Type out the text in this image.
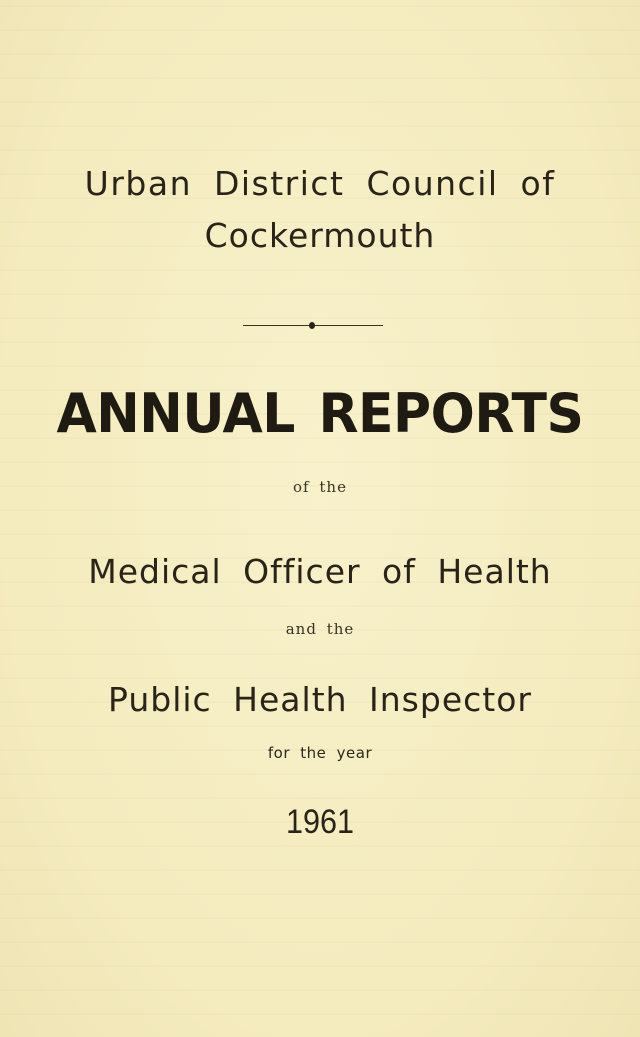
Urban District Council of
Cockermouth
ANNUAL REPORTS
of the
Medical Officer of Health
and the
Public Health Inspector
for the year
1961
